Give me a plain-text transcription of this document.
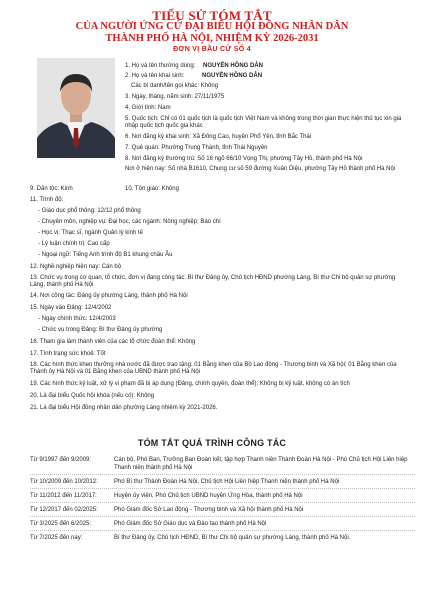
TIỂU SỬ TÓM TẮT
CỦA NGƯỜI ỨNG CỬ ĐẠI BIỂU HỘI ĐỒNG NHÂN DÂN
THÀNH PHỐ HÀ NỘI, NHIỆM KỲ 2026-2031
ĐƠN VỊ BẦU CỬ SỐ 4
1. Họ và tên thường dùng: NGUYỄN HỒNG DÂN
2. Họ và tên khai sinh:	NGUYỄN HỒNG DÂN
Các bí danh/tên gọi khác: Không
3. Ngày, tháng, năm sinh: 27/11/1975
4. Giới tính: Nam
5. Quốc tịch: Chỉ có 01 quốc tịch là quốc tịch Việt Nam và không trong thời gian thực hiện thủ tục xin gia nhập quốc tịch quốc gia khác
6. Nơi đăng ký khai sinh: Xã Đông Cao, huyện Phổ Yên, tỉnh Bắc Thái
7. Quê quán: Phường Trung Thành, tỉnh Thái Nguyên
8. Nơi đăng ký thường trú: Số 16 ngõ 66/10 Vọng Thị, phường Tây Hồ, thành phố Hà Nội
Nơi ở hiện nay: Số nhà B1610, Chung cư số 59 đường Xuân Diệu, phường Tây Hồ thành phố Hà Nội
9. Dân tộc: Kinh	10. Tôn giáo: Không
11. Trình độ:
- Giáo dục phổ thông: 12/12 phổ thông
- Chuyên môn, nghiệp vụ: Đại học, các ngành: Nông nghiệp; Báo chí
- Học vị: Thạc sĩ, ngành Quản lý kinh tế
- Lý luận chính trị: Cao cấp
- Ngoại ngữ: Tiếng Anh trình độ B1 khung châu Âu
12. Nghề nghiệp hiện nay: Cán bộ
13. Chức vụ trong cơ quan, tổ chức, đơn vị đang công tác: Bí thư Đảng ủy, Chủ tịch HĐND phường Láng, Bí thư Chi bộ quân sự phường Láng, thành phố Hà Nội
14. Nơi công tác: Đảng ủy phường Láng, thành phố Hà Nội
15. Ngày vào Đảng: 12/4/2002
- Ngày chính thức: 12/4/2003
- Chức vụ trong Đảng: Bí thư Đảng ủy phường
16. Tham gia làm thành viên của các tổ chức đoàn thể: Không
17. Tình trạng sức khoẻ: Tốt
18. Các hình thức khen thưởng nhà nước đã được trao tặng: 01 Bằng khen của Bộ Lao động - Thương binh và Xã hội; 01 Bằng khen của Thành ủy Hà Nội và 01 Bằng khen của UBND thành phố Hà Nội
19. Các hình thức kỷ luật, xử lý vi phạm đã bị áp dụng (Đảng, chính quyền, đoàn thể): Không bị kỷ luật, không có án tích
20. Là đại biểu Quốc hội khóa (nếu có): Không
21. Là đại biểu Hội đồng nhân dân phường Láng nhiệm kỳ 2021-2026.
TÓM TẮT QUÁ TRÌNH CÔNG TÁC
Từ 9/1997 đến 9/2009:	Cán bộ, Phó Ban, Trưởng Ban Đoàn kết, tập hợp Thanh niên Thành Đoàn Hà Nội - Phó Chủ tịch Hội Liên hiệp Thanh niên thành phố Hà Nội
Từ 10/2009 đến 10/2012:	Phó Bí thư Thành Đoàn Hà Nội, Chủ tịch Hội Liên hiệp Thanh niên thành phố Hà Nội
Từ 11/2012 đến 11/2017:	Huyện ủy viên, Phó Chủ tịch UBND huyện Ứng Hòa, thành phố Hà Nội
Từ 12/2017 đến 02/2025:	Phó Giám đốc Sở Lao động - Thương binh và Xã hội thành phố Hà Nội
Từ 3/2025 đến 6/2025:	Phó Giám đốc Sở Giáo dục và Đào tạo thành phố Hà Nội
Từ 7/2025 đến nay:	Bí thư Đảng ủy, Chủ tịch HĐND, Bí thư Chi bộ quân sự phường Láng, thành phố Hà Nội.
